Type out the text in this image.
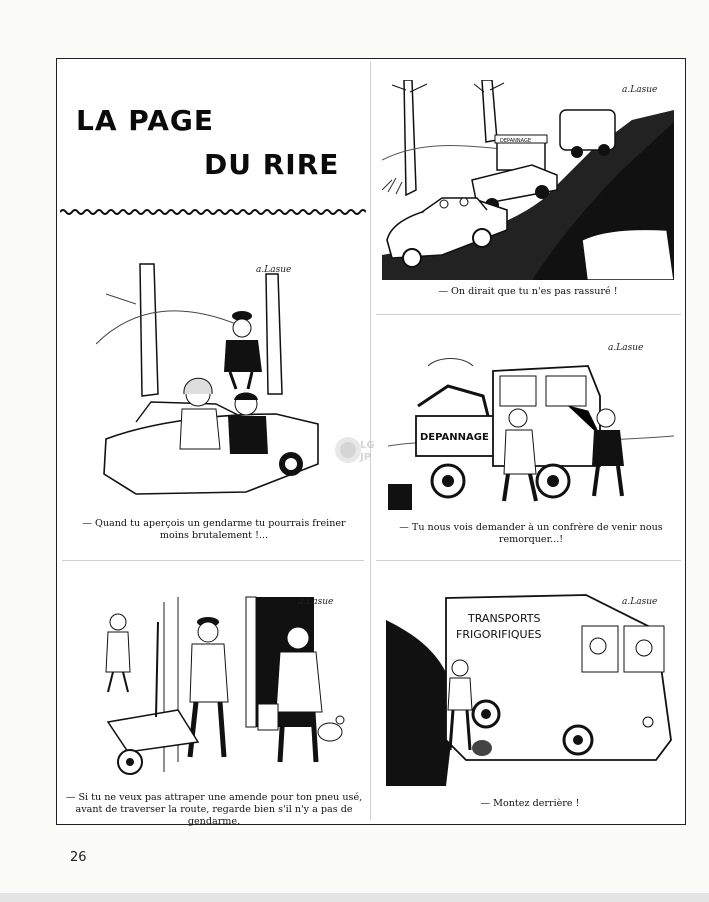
LA PAGE
DU RIRE
DEPANNAGE
a.Lasue
— On dirait que tu n'es pas rassuré !
a.Lasue
— Quand tu aperçois un gendarme tu pourrais freiner moins brutalement !...
DEPANNAGE
a.Lasue
— Tu nous vois demander à un confrère de venir nous remorquer...!
a.Lasue
— Si tu ne veux pas attraper une amende pour ton pneu usé, avant de traverser la route, regarde bien s'il n'y a pas de gendarme.
TRANSPORTS
FRIGORIFIQUES
a.Lasue
— Montez derrière !
LG
JP
26
